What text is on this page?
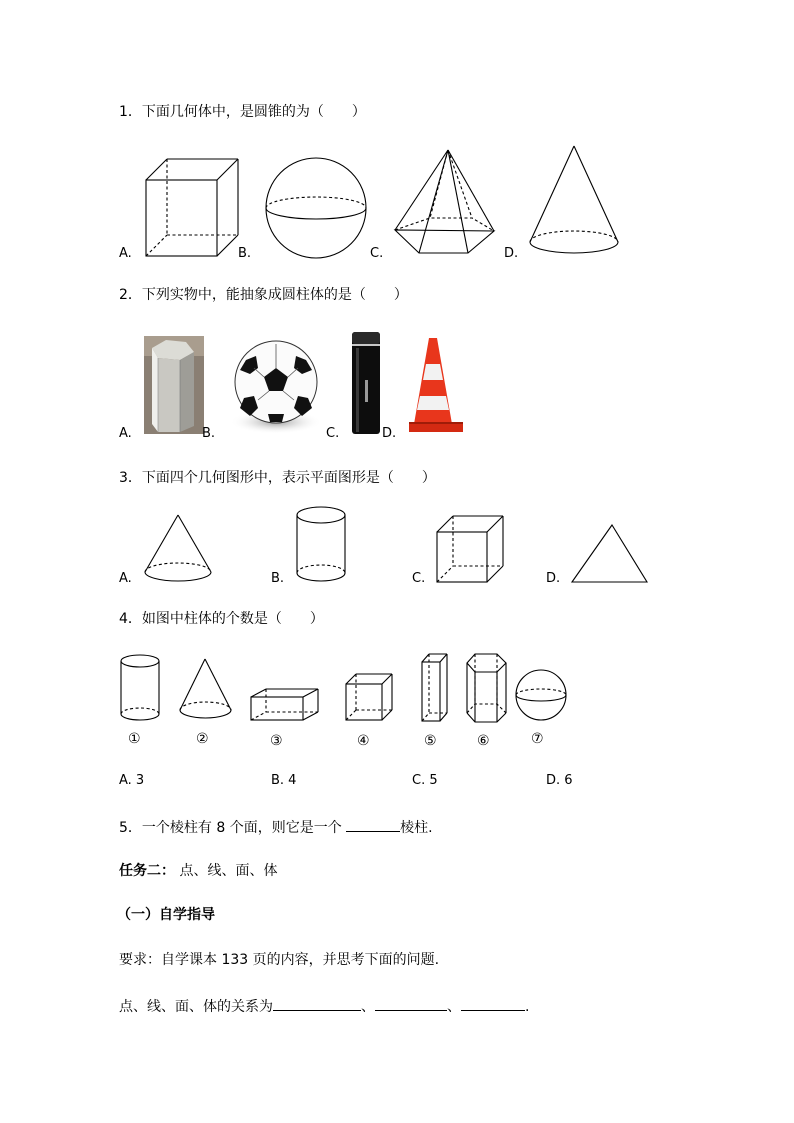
1．下面几何体中，是圆锥的为（　　）
A.	B.	C.	D.
2．下列实物中，能抽象成圆柱体的是（　　）
A.	B.	C.	D.
3．下面四个几何图形中，表示平面图形是（　　）
A.	B.	C.	D.
4．如图中柱体的个数是（　　）
①	②	③	④	⑤	⑥	⑦
A. 3	B. 4	C. 5	D. 6
5．一个棱柱有 8 个面，则它是一个	棱柱.
任务二： 点、线、面、体
（一）自学指导
要求：自学课本 133 页的内容，并思考下面的问题.
点、线、面、体的关系为	、	、	.
